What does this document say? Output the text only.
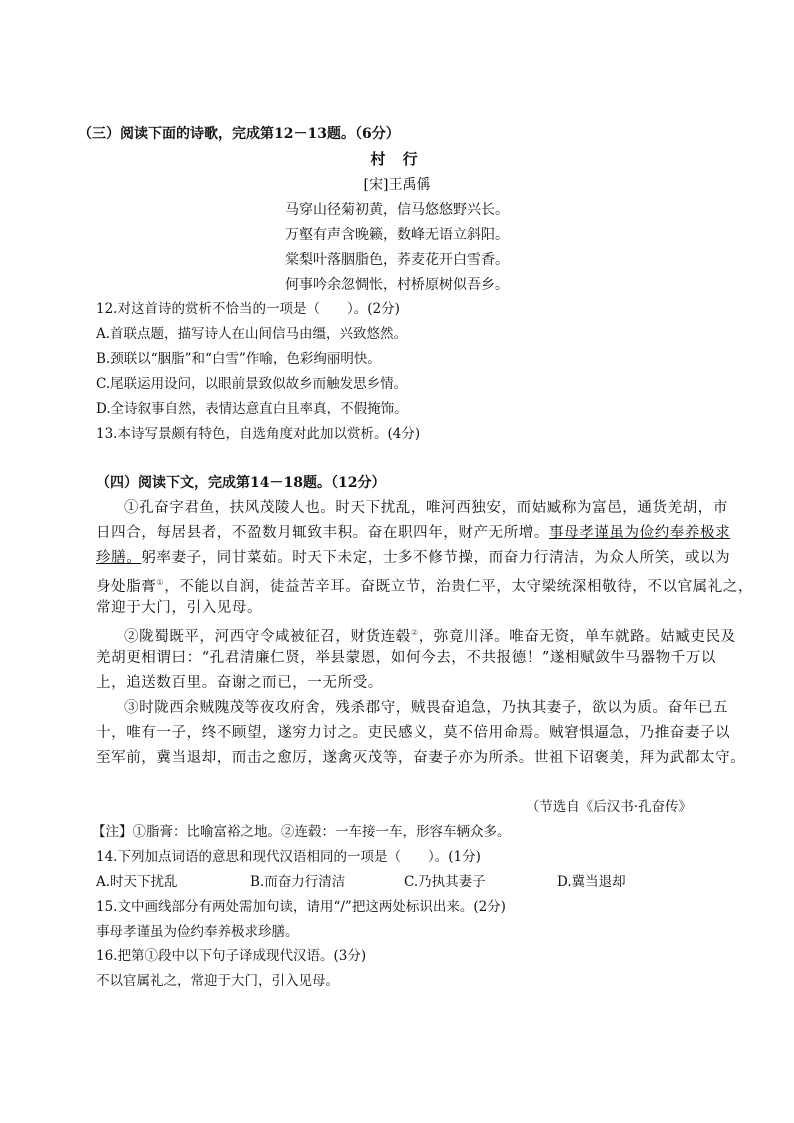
（三）阅读下面的诗歌，完成第12－13题。（6分）
村 行
[宋]王禹偁
马穿山径菊初黄，信马悠悠野兴长。
万壑有声含晚籁，数峰无语立斜阳。
棠梨叶落胭脂色，荞麦花开白雪香。
何事吟余忽惆怅，村桥原树似吾乡。
12.对这首诗的赏析不恰当的一项是（　　）。(2分)
A.首联点题，描写诗人在山间信马由缰，兴致悠然。
B.颈联以“胭脂”和“白雪”作喻，色彩绚丽明快。
C.尾联运用设问，以眼前景致似故乡而触发思乡情。
D.全诗叙事自然，表情达意直白且率真，不假掩饰。
13.本诗写景颇有特色，自选角度对此加以赏析。(4分)
（四）阅读下文，完成第14－18题。（12分）
①孔奋字君鱼，扶风茂陵人也。时天下扰乱，唯河西独安，而姑臧称为富邑，通货羌胡，市
日四合，每居县者，不盈数月辄致丰积。奋在职四年，财产无所增。事母孝谨虽为俭约奉养极求
珍膳。躬率妻子，同甘菜茹。时天下未定，士多不修节操，而奋力行清洁，为众人所笑，或以为
身处脂膏①，不能以自润，徒益苦辛耳。奋既立节，治贵仁平，太守梁统深相敬待，不以官属礼之，
常迎于大门，引入见母。
②陇蜀既平，河西守令咸被征召，财货连毂②，弥竟川泽。唯奋无资，单车就路。姑臧吏民及
羌胡更相谓曰：“孔君清廉仁贤，举县蒙恩，如何今去，不共报德！”遂相赋敛牛马器物千万以
上，追送数百里。奋谢之而已，一无所受。
③时陇西余贼隗茂等夜攻府舍，残杀郡守，贼畏奋追急，乃执其妻子，欲以为质。奋年已五
十，唯有一子，终不顾望，遂穷力讨之。吏民感义，莫不倍用命焉。贼窘惧逼急，乃推奋妻子以
至军前，冀当退却，而击之愈厉，遂禽灭茂等，奋妻子亦为所杀。世祖下诏褒美，拜为武都太守。
（节选自《后汉书·孔奋传》
【注】①脂膏：比喻富裕之地。②连毂：一车接一车，形容车辆众多。
14.下列加点词语的意思和现代汉语相同的一项是（　　）。(1分)
A.时天下扰乱	B.而奋力行清洁	C.乃执其妻子	D.冀当退却
15.文中画线部分有两处需加句读，请用“/”把这两处标识出来。(2分)
事母孝谨虽为俭约奉养极求珍膳。
16.把第①段中以下句子译成现代汉语。(3分)
不以官属礼之，常迎于大门，引入见母。
